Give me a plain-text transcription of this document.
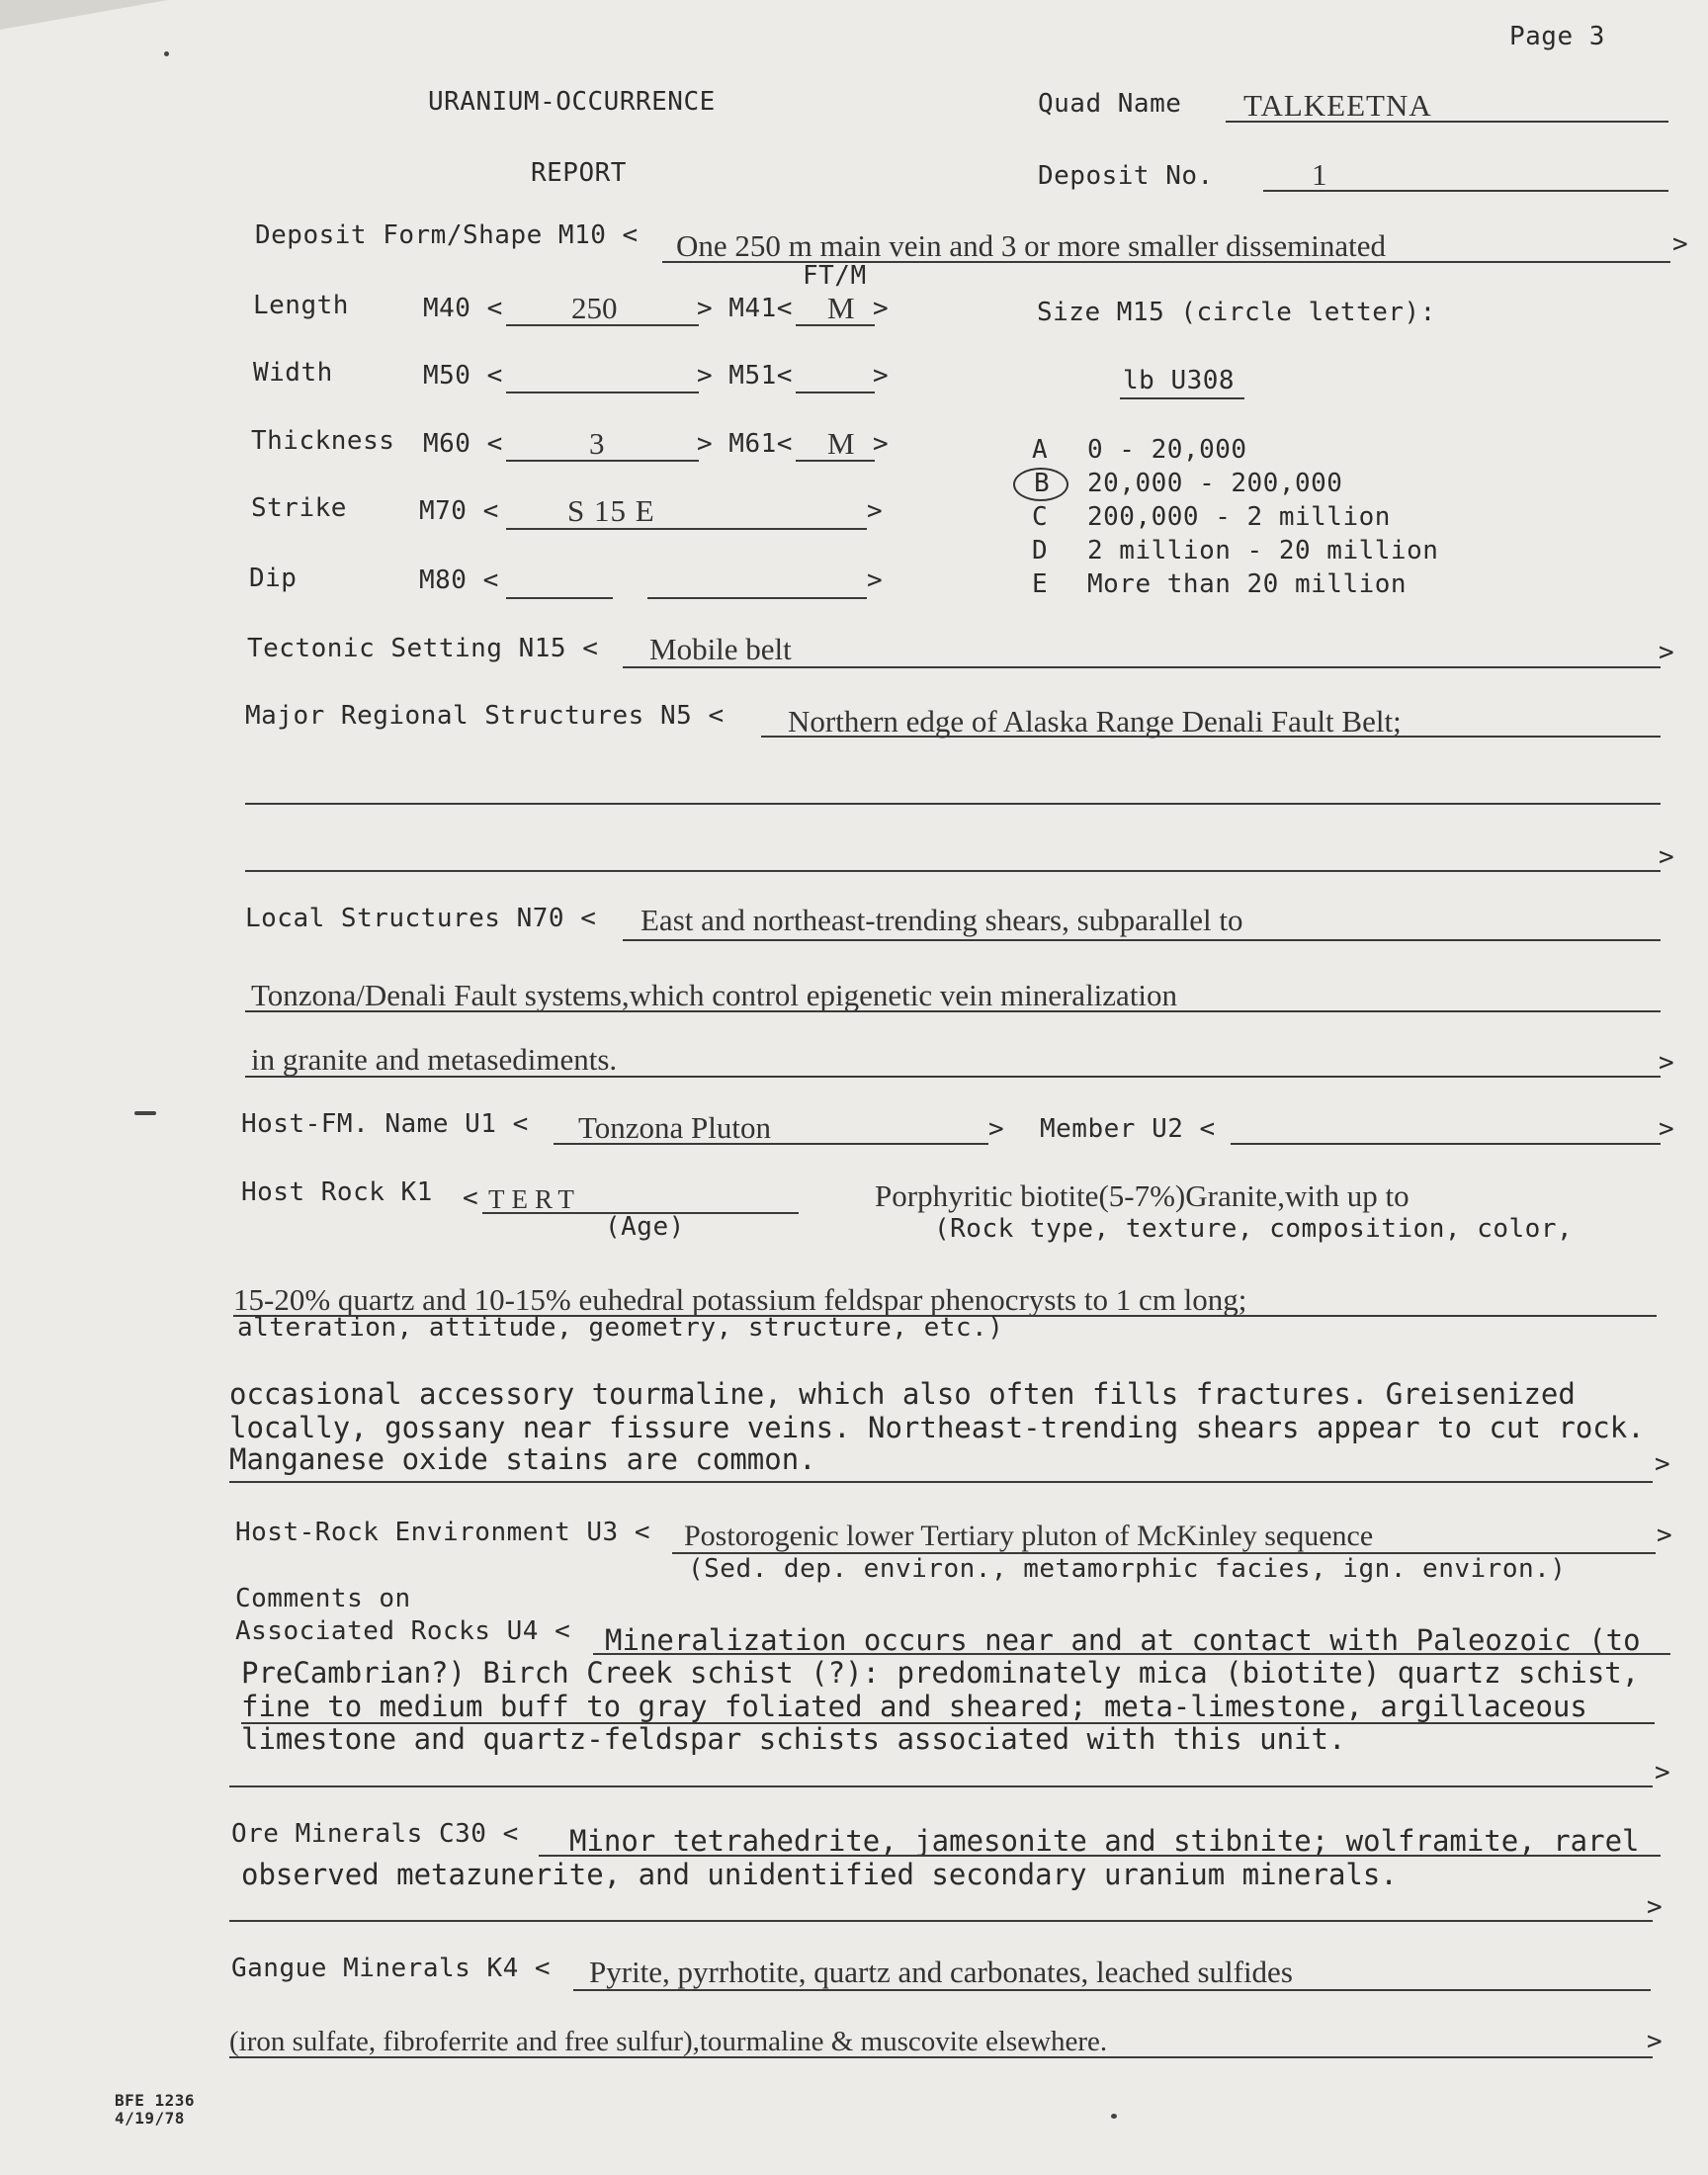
Page 3
URANIUM-OCCURRENCE
REPORT
Quad Name TALKEETNA
Deposit No.	1
Deposit Form/Shape M10 < One 250 m main vein and 3 or more smaller disseminated	>
FT/M
Length	M40 < 250	> M41< M >
Width	M50 <	> M51<	>
Thickness M60 <	3	> M61< M >
Strike	M70 < S 15 E	>
Dip	M80 <	>
Size M15 (circle letter):
lb U308
A 0 - 20,000
B 20,000 - 200,000
C 200,000 - 2 million
D 2 million - 20 million
E More than 20 million
Tectonic Setting N15 < Mobile belt	>
Major Regional Structures N5 < Northern edge of Alaska Range Denali Fault Belt;
>
Local Structures N70 < East and northeast-trending shears, subparallel to
Tonzona/Denali Fault systems,which control epigenetic vein mineralization
in granite and metasediments.	>
Host-FM. Name U1 < Tonzona Pluton	> Member U2 <	>
Host Rock K1 < TERT
(Age)
Porphyritic biotite(5-7%)Granite,with up to
(Rock type, texture, composition, color,
15-20% quartz and 10-15% euhedral potassium feldspar phenocrysts to 1 cm long;
alteration, attitude, geometry, structure, etc.)
occasional accessory tourmaline, which also often fills fractures. Greisenized
locally, gossany near fissure veins. Northeast-trending shears appear to cut rock.
Manganese oxide stains are common.	>
Host-Rock Environment U3 < Postorogenic lower Tertiary pluton of McKinley sequence	>
(Sed. dep. environ., metamorphic facies, ign. environ.)
Comments on
Associated Rocks U4 < Mineralization occurs near and at contact with Paleozoic (to
PreCambrian?) Birch Creek schist (?): predominately mica (biotite) quartz schist,
fine to medium buff to gray foliated and sheared; meta-limestone, argillaceous
limestone and quartz-feldspar schists associated with this unit.
>
Ore Minerals C30 < Minor tetrahedrite, jamesonite and stibnite; wolframite, rarel
observed metazunerite, and unidentified secondary uranium minerals.
>
Gangue Minerals K4 < Pyrite, pyrrhotite, quartz and carbonates, leached sulfides
(iron sulfate, fibroferrite and free sulfur),tourmaline & muscovite elsewhere.	>
BFE 1236
4/19/78
